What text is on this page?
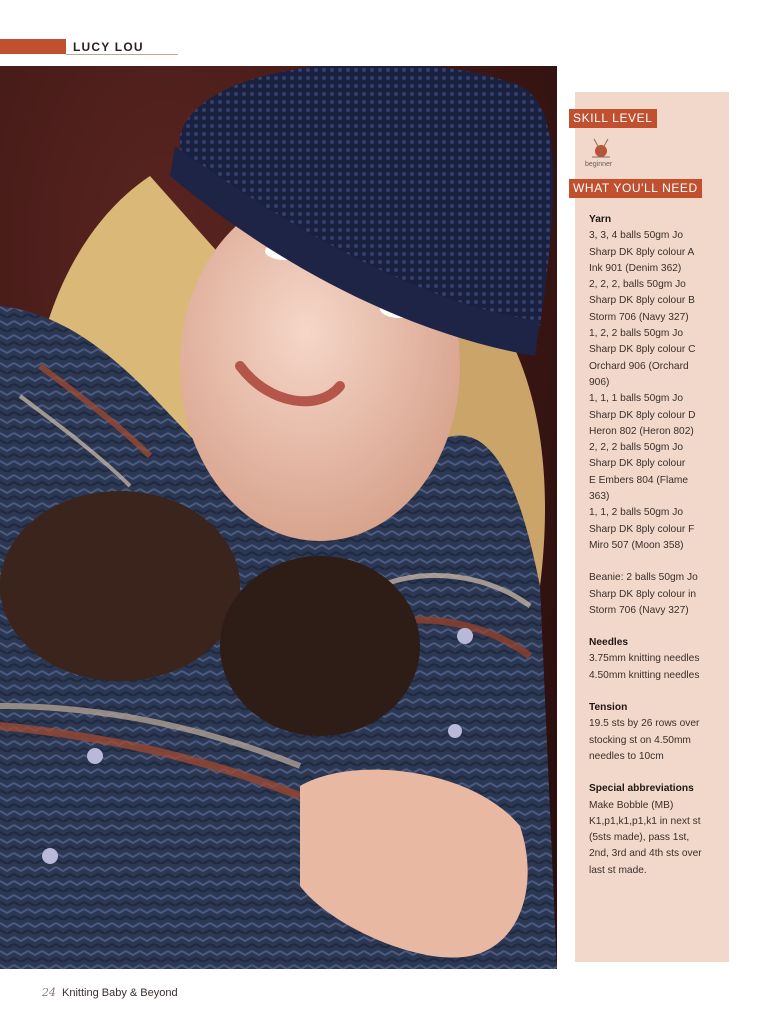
LUCY LOU
SKILL LEVEL
beginner
WHAT YOU'LL NEED
Yarn
3, 3, 4 balls 50gm Jo
Sharp DK 8ply colour A
Ink 901 (Denim 362)
2, 2, 2, balls 50gm Jo
Sharp DK 8ply colour B
Storm 706 (Navy 327)
1, 2, 2 balls 50gm Jo
Sharp DK 8ply colour C
Orchard 906 (Orchard
906)
1, 1, 1 balls 50gm Jo
Sharp DK 8ply colour D
Heron 802 (Heron 802)
2, 2, 2 balls 50gm Jo
Sharp DK 8ply colour
E Embers 804 (Flame
363)
1, 1, 2 balls 50gm Jo
Sharp DK 8ply colour F
Miro 507 (Moon 358)
Beanie: 2 balls 50gm Jo
Sharp DK 8ply colour in
Storm 706 (Navy 327)
Needles
3.75mm knitting needles
4.50mm knitting needles
Tension
19.5 sts by 26 rows over
stocking st on 4.50mm
needles to 10cm
Special abbreviations
Make Bobble (MB)
K1,p1,k1,p1,k1 in next st
(5sts made), pass 1st,
2nd, 3rd and 4th sts over
last st made.
24 Knitting Baby & Beyond
